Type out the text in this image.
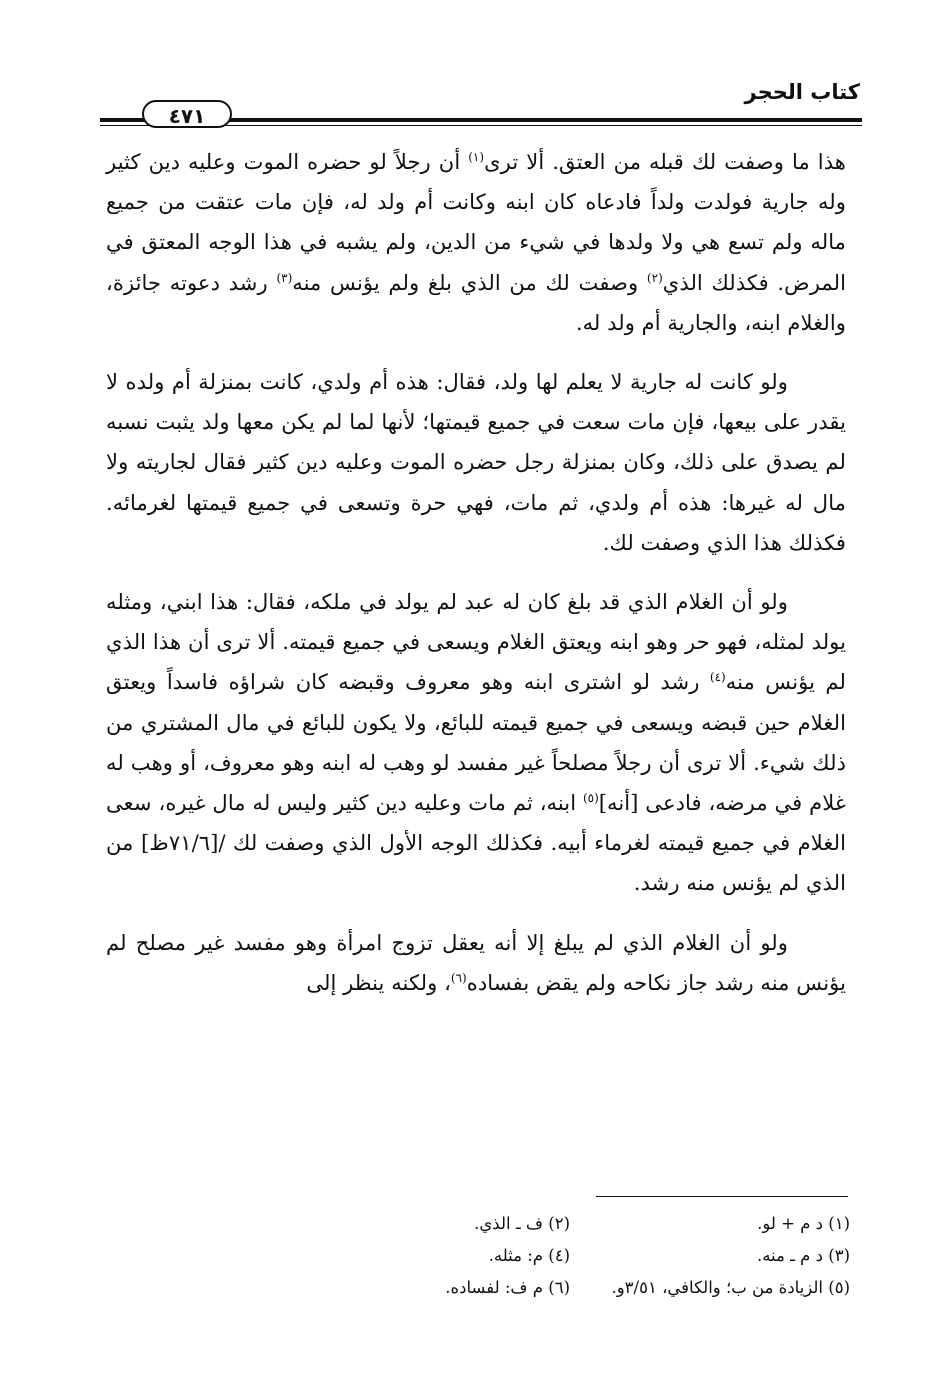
كتاب الحجر
٤٧١

هذا ما وصفت لك قبله من العتق. ألا ترى$^{(١)}$ أن رجلاً لو حضره الموت وعليه دين كثير وله جارية فولدت ولداً فادعاه كان ابنه وكانت أم ولد له، فإن مات عتقت من جميع ماله ولم تسع هي ولا ولدها في شيء من الدين، ولم يشبه في هذا الوجه المعتق في المرض. فكذلك الذي$^{(٢)}$ وصفت لك من الذي بلغ ولم يؤنس منه$^{(٣)}$ رشد دعوته جائزة، والغلام ابنه، والجارية أم ولد له.

ولو كانت له جارية لا يعلم لها ولد، فقال: هذه أم ولدي، كانت بمنزلة أم ولده لا يقدر على بيعها، فإن مات سعت في جميع قيمتها؛ لأنها لما لم يكن معها ولد يثبت نسبه لم يصدق على ذلك، وكان بمنزلة رجل حضره الموت وعليه دين كثير فقال لجاريته ولا مال له غيرها: هذه أم ولدي، ثم مات، فهي حرة وتسعى في جميع قيمتها لغرمائه. فكذلك هذا الذي وصفت لك.

ولو أن الغلام الذي قد بلغ كان له عبد لم يولد في ملكه، فقال: هذا ابني، ومثله يولد لمثله، فهو حر وهو ابنه ويعتق الغلام ويسعى في جميع قيمته. ألا ترى أن هذا الذي لم يؤنس منه$^{(٤)}$ رشد لو اشترى ابنه وهو معروف وقبضه كان شراؤه فاسداً ويعتق الغلام حين قبضه ويسعى في جميع قيمته للبائع، ولا يكون للبائع في مال المشتري من ذلك شيء. ألا ترى أن رجلاً مصلحاً غير مفسد لو وهب له ابنه وهو معروف، أو وهب له غلام في مرضه، فادعى [أنه]$^{(٥)}$ ابنه، ثم مات وعليه دين كثير وليس له مال غيره، سعى الغلام في جميع قيمته لغرماء أبيه. فكذلك الوجه الأول الذي وصفت لك /[٧١/٦ظ] من الذي لم يؤنس منه رشد.

ولو أن الغلام الذي لم يبلغ إلا أنه يعقل تزوج امرأة وهو مفسد غير مصلح لم يؤنس منه رشد جاز نكاحه ولم يقض بفساده$^{(٦)}$، ولكنه ينظر إلى

(١) د م + لو.
(٢) ف ـ الذي.
(٣) د م ـ منه.
(٤) م: مثله.
(٥) الزيادة من ب؛ والكافي، ٣/٥١و.
(٦) م ف: لفساده.
